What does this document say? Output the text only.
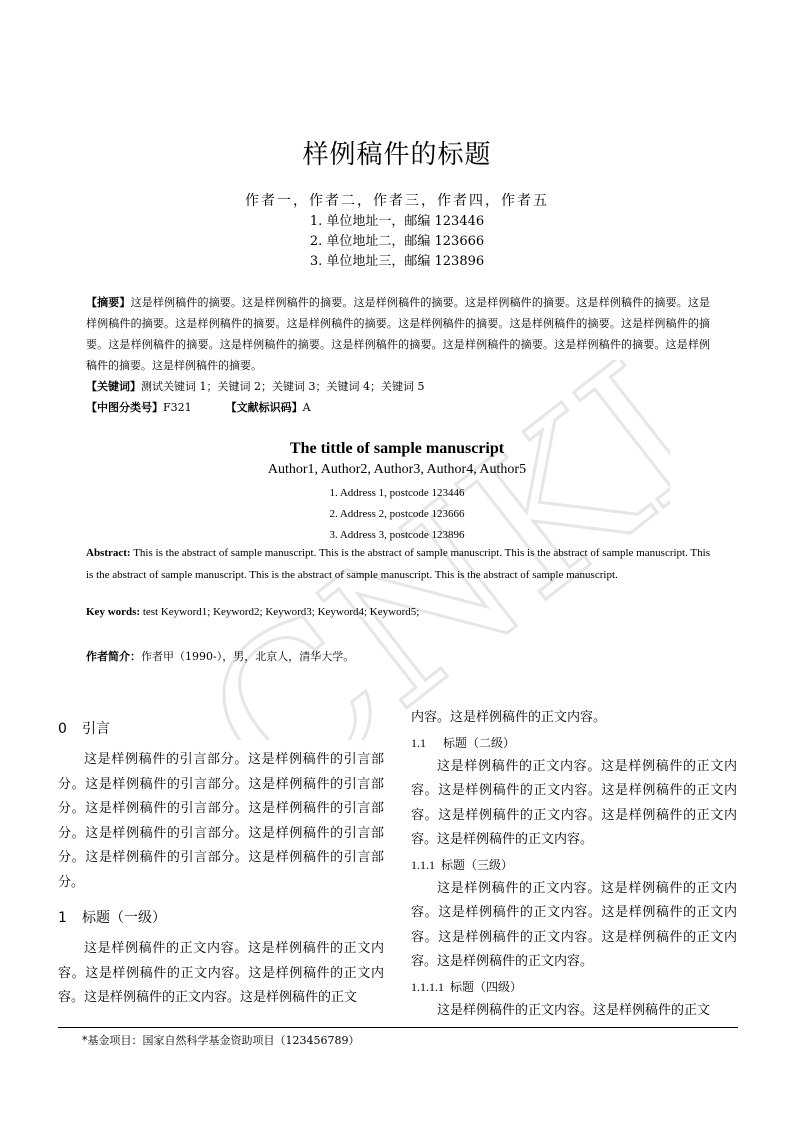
CNKI
样例稿件的标题
作者一，作者二，作者三，作者四，作者五
1. 单位地址一，邮编 123446
2. 单位地址二，邮编 123666
3. 单位地址三，邮编 123896
【摘要】这是样例稿件的摘要。这是样例稿件的摘要。这是样例稿件的摘要。这是样例稿件的摘要。这是样例稿件的摘要。这是样例稿件的摘要。这是样例稿件的摘要。这是样例稿件的摘要。这是样例稿件的摘要。这是样例稿件的摘要。这是样例稿件的摘要。这是样例稿件的摘要。这是样例稿件的摘要。这是样例稿件的摘要。这是样例稿件的摘要。这是样例稿件的摘要。这是样例稿件的摘要。这是样例稿件的摘要。
【关键词】测试关键词 1；关键词 2；关键词 3；关键词 4；关键词 5
【中图分类号】F321	【文献标识码】A
The tittle of sample manuscript
Author1, Author2, Author3, Author4, Author5
1. Address 1, postcode 123446
2. Address 2, postcode 123666
3. Address 3, postcode 123896
Abstract: This is the abstract of sample manuscript. This is the abstract of sample manuscript. This is the abstract of sample manuscript. This is the abstract of sample manuscript. This is the abstract of sample manuscript. This is the abstract of sample manuscript.
Key words: test Keyword1; Keyword2; Keyword3; Keyword4; Keyword5;
作者简介：作者甲（1990-），男，北京人，清华大学。

0 引言

这是样例稿件的引言部分。这是样例稿件的引言部分。这是样例稿件的引言部分。这是样例稿件的引言部分。这是样例稿件的引言部分。这是样例稿件的引言部分。这是样例稿件的引言部分。这是样例稿件的引言部分。这是样例稿件的引言部分。这是样例稿件的引言部分。

1 标题（一级）

这是样例稿件的正文内容。这是样例稿件的正文内容。这是样例稿件的正文内容。这是样例稿件的正文内容。这是样例稿件的正文内容。这是样例稿件的正文

内容。这是样例稿件的正文内容。

1.1 标题（二级）

这是样例稿件的正文内容。这是样例稿件的正文内容。这是样例稿件的正文内容。这是样例稿件的正文内容。这是样例稿件的正文内容。这是样例稿件的正文内容。这是样例稿件的正文内容。

1.1.1 标题（三级）

这是样例稿件的正文内容。这是样例稿件的正文内容。这是样例稿件的正文内容。这是样例稿件的正文内容。这是样例稿件的正文内容。这是样例稿件的正文内容。这是样例稿件的正文内容。

1.1.1.1 标题（四级）

这是样例稿件的正文内容。这是样例稿件的正文

*基金项目：国家自然科学基金资助项目（123456789）
